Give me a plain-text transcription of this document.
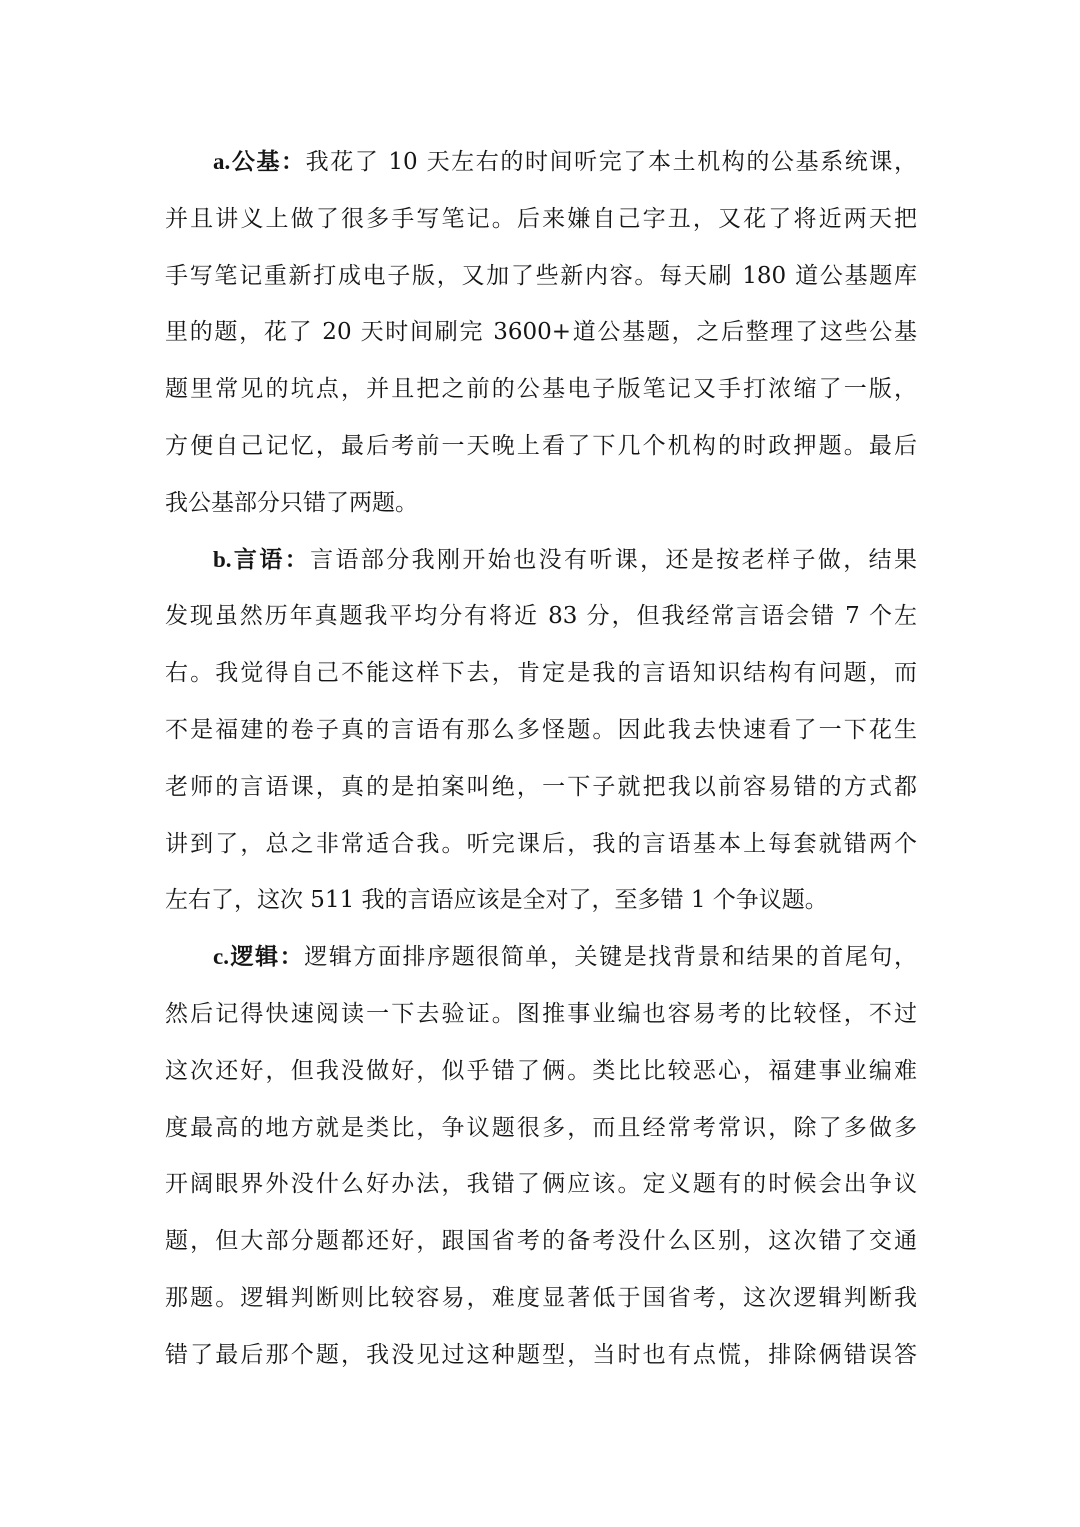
a.公基：我花了 10 天左右的时间听完了本土机构的公基系统课，
并且讲义上做了很多手写笔记。后来嫌自己字丑，又花了将近两天把
手写笔记重新打成电子版，又加了些新内容。每天刷 180 道公基题库
里的题，花了 20 天时间刷完 3600+道公基题，之后整理了这些公基
题里常见的坑点，并且把之前的公基电子版笔记又手打浓缩了一版，
方便自己记忆，最后考前一天晚上看了下几个机构的时政押题。最后
我公基部分只错了两题。
b.言语：言语部分我刚开始也没有听课，还是按老样子做，结果
发现虽然历年真题我平均分有将近 83 分，但我经常言语会错 7 个左
右。我觉得自己不能这样下去，肯定是我的言语知识结构有问题，而
不是福建的卷子真的言语有那么多怪题。因此我去快速看了一下花生
老师的言语课，真的是拍案叫绝，一下子就把我以前容易错的方式都
讲到了，总之非常适合我。听完课后，我的言语基本上每套就错两个
左右了，这次 511 我的言语应该是全对了，至多错 1 个争议题。
c.逻辑：逻辑方面排序题很简单，关键是找背景和结果的首尾句，
然后记得快速阅读一下去验证。图推事业编也容易考的比较怪，不过
这次还好，但我没做好，似乎错了俩。类比比较恶心，福建事业编难
度最高的地方就是类比，争议题很多，而且经常考常识，除了多做多
开阔眼界外没什么好办法，我错了俩应该。定义题有的时候会出争议
题，但大部分题都还好，跟国省考的备考没什么区别，这次错了交通
那题。逻辑判断则比较容易，难度显著低于国省考，这次逻辑判断我
错了最后那个题，我没见过这种题型，当时也有点慌，排除俩错误答
